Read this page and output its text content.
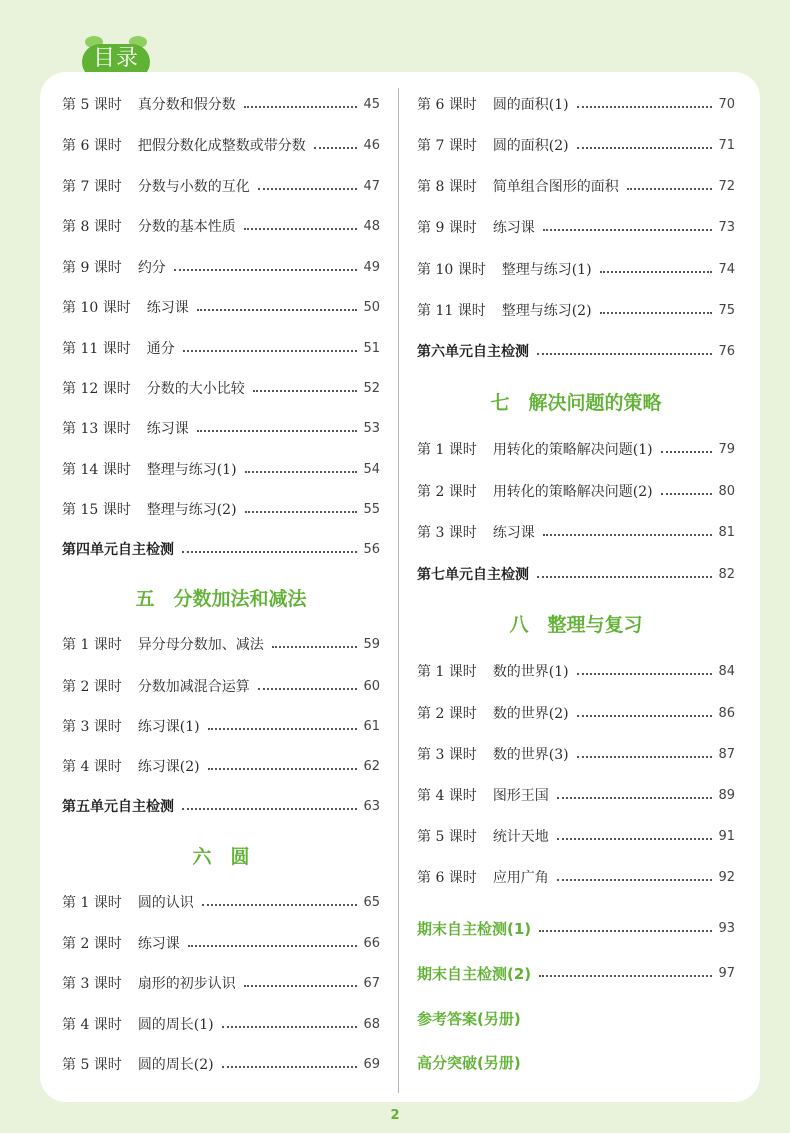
目录
第 5 课时 真分数和假分数	45
第 6 课时 把假分数化成整数或带分数	46
第 7 课时 分数与小数的互化	47
第 8 课时 分数的基本性质	48
第 9 课时 约分	49
第 10 课时 练习课	50
第 11 课时 通分	51
第 12 课时 分数的大小比较	52
第 13 课时 练习课	53
第 14 课时 整理与练习(1)	54
第 15 课时 整理与练习(2)	55
第四单元自主检测	56
五　分数加法和减法
第 1 课时 异分母分数加、减法	59
第 2 课时 分数加减混合运算	60
第 3 课时 练习课(1)	61
第 4 课时 练习课(2)	62
第五单元自主检测	63
六　圆
第 1 课时 圆的认识	65
第 2 课时 练习课	66
第 3 课时 扇形的初步认识	67
第 4 课时 圆的周长(1)	68
第 5 课时 圆的周长(2)	69
第 6 课时 圆的面积(1)	70
第 7 课时 圆的面积(2)	71
第 8 课时 简单组合图形的面积	72
第 9 课时 练习课	73
第 10 课时 整理与练习(1)	74
第 11 课时 整理与练习(2)	75
第六单元自主检测	76
七　解决问题的策略
第 1 课时 用转化的策略解决问题(1)	79
第 2 课时 用转化的策略解决问题(2)	80
第 3 课时 练习课	81
第七单元自主检测	82
八　整理与复习
第 1 课时 数的世界(1)	84
第 2 课时 数的世界(2)	86
第 3 课时 数的世界(3)	87
第 4 课时 图形王国	89
第 5 课时 统计天地	91
第 6 课时 应用广角	92
期末自主检测(1)	93
期末自主检测(2)	97
参考答案(另册)
高分突破(另册)
2
